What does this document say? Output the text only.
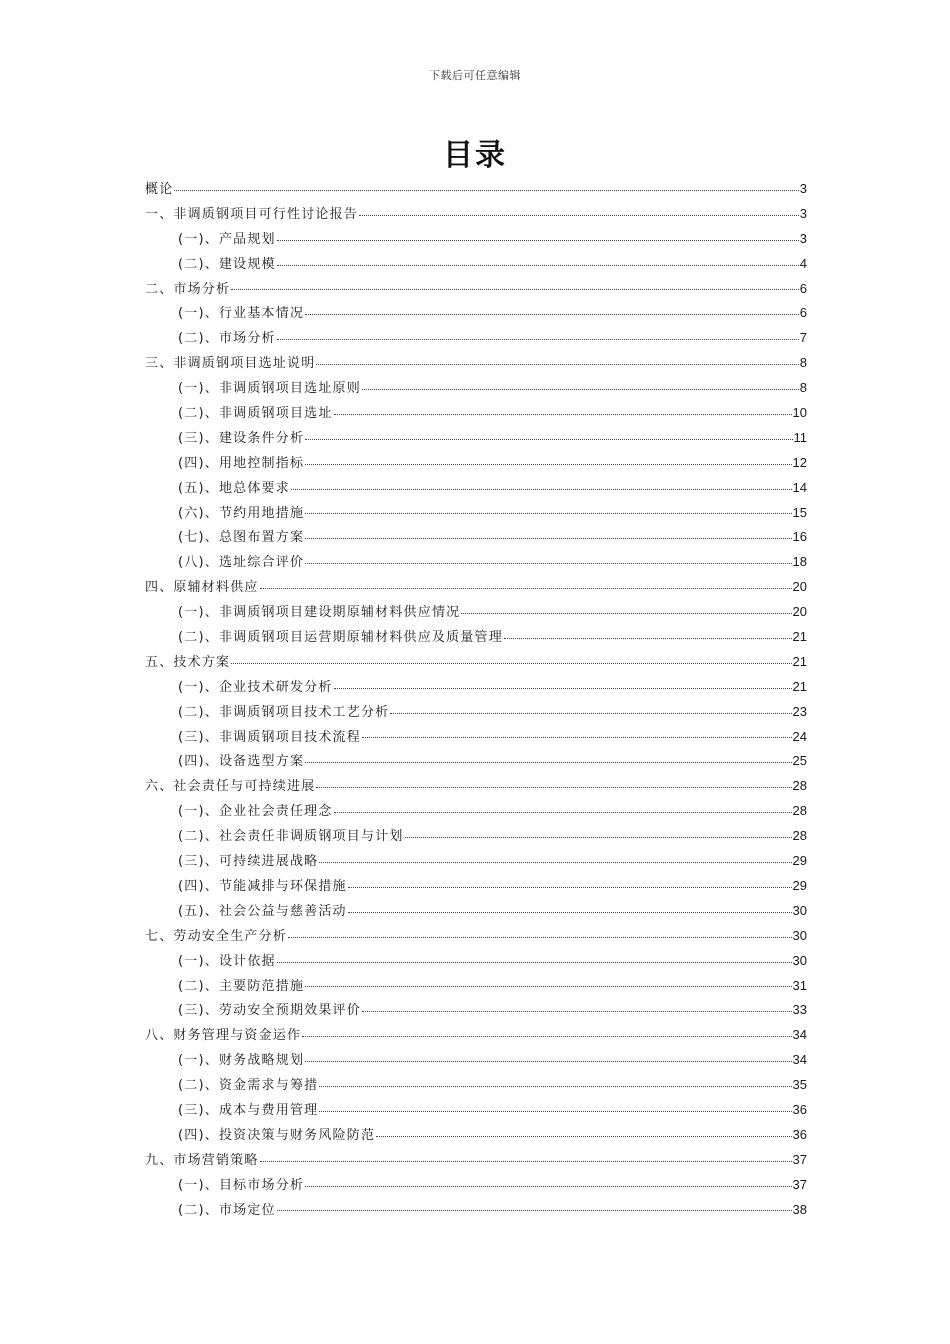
下载后可任意编辑
目录
概论	3
一、非调质钢项目可行性讨论报告	3
(一)、产品规划	3
(二)、建设规模	4
二、市场分析	6
(一)、行业基本情况	6
(二)、市场分析	7
三、非调质钢项目选址说明	8
(一)、非调质钢项目选址原则	8
(二)、非调质钢项目选址	10
(三)、建设条件分析	11
(四)、用地控制指标	12
(五)、地总体要求	14
(六)、节约用地措施	15
(七)、总图布置方案	16
(八)、选址综合评价	18
四、原辅材料供应	20
(一)、非调质钢项目建设期原辅材料供应情况	20
(二)、非调质钢项目运营期原辅材料供应及质量管理	21
五、技术方案	21
(一)、企业技术研发分析	21
(二)、非调质钢项目技术工艺分析	23
(三)、非调质钢项目技术流程	24
(四)、设备选型方案	25
六、社会责任与可持续进展	28
(一)、企业社会责任理念	28
(二)、社会责任非调质钢项目与计划	28
(三)、可持续进展战略	29
(四)、节能减排与环保措施	29
(五)、社会公益与慈善活动	30
七、劳动安全生产分析	30
(一)、设计依据	30
(二)、主要防范措施	31
(三)、劳动安全预期效果评价	33
八、财务管理与资金运作	34
(一)、财务战略规划	34
(二)、资金需求与筹措	35
(三)、成本与费用管理	36
(四)、投资决策与财务风险防范	36
九、市场营销策略	37
(一)、目标市场分析	37
(二)、市场定位	38
